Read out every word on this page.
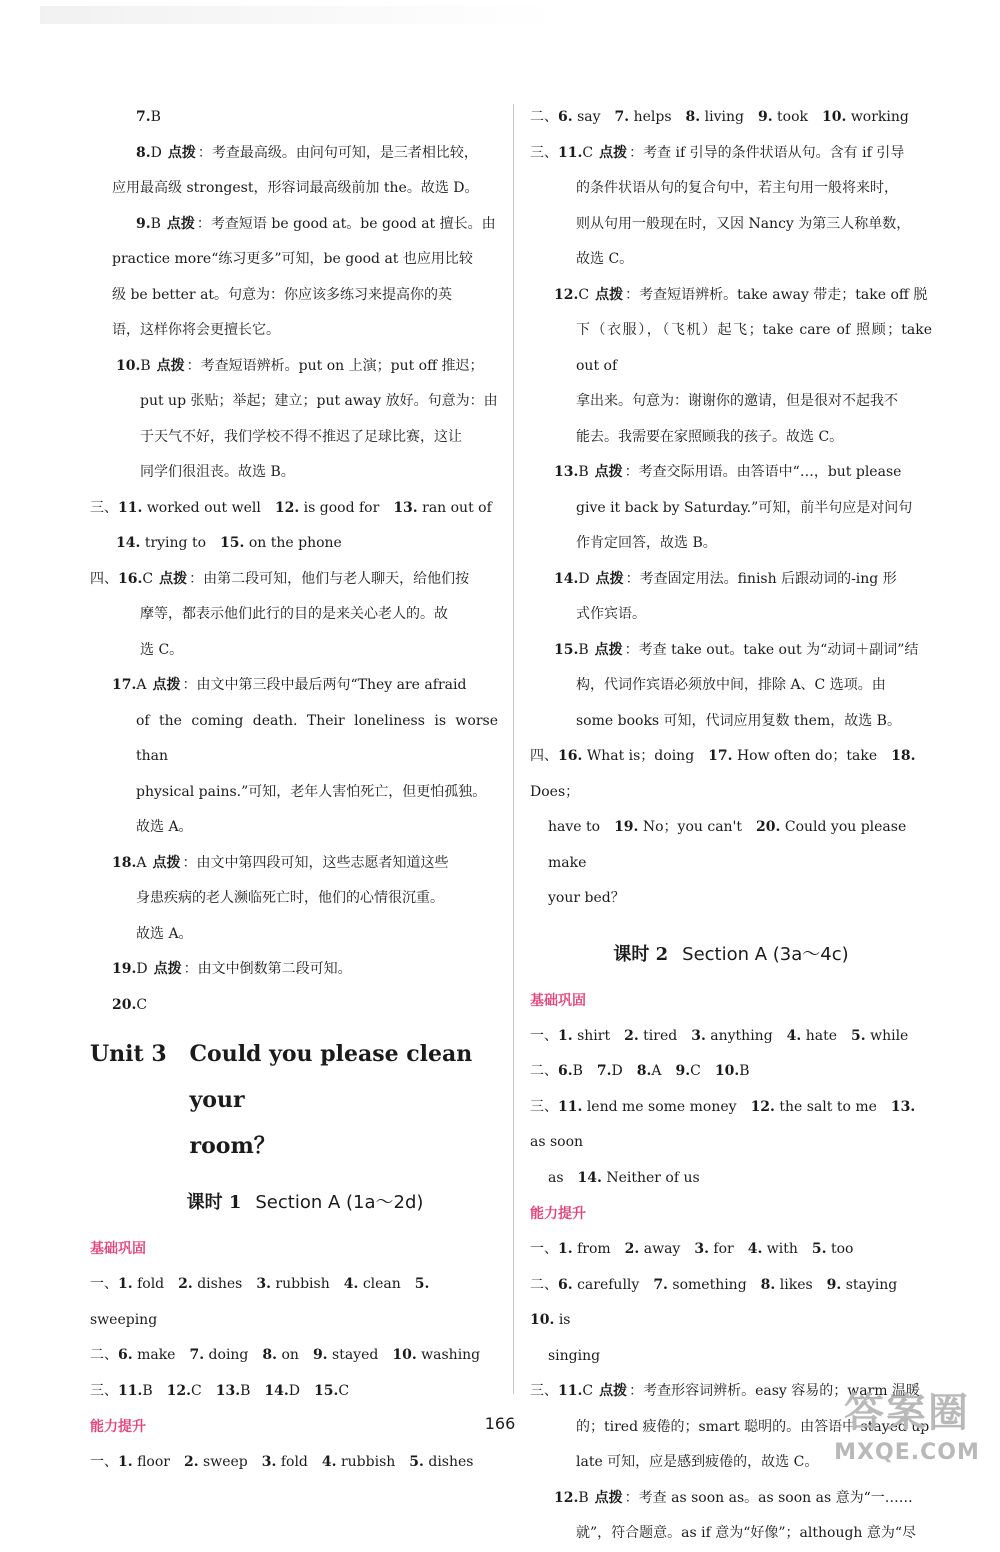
7.B

8.D 点拨 ：考查最高级。由问句可知，是三者相比较，

应用最高级 strongest，形容词最高级前加 the。故选 D。

9.B 点拨 ：考查短语 be good at。be good at 擅长。由

practice more“练习更多”可知，be good at 也应用比较

级 be better at。句意为：你应该多练习来提高你的英

语，这样你将会更擅长它。

10.B 点拨 ：考查短语辨析。put on 上演；put off 推迟；

put up 张贴；举起；建立；put away 放好。句意为：由

于天气不好，我们学校不得不推迟了足球比赛，这让

同学们很沮丧。故选 B。

三、11. worked out well 12. is good for 13. ran out of

14. trying to 15. on the phone

四、16.C 点拨 ：由第二段可知，他们与老人聊天，给他们按

摩等，都表示他们此行的目的是来关心老人的。故

选 C。

17.A 点拨 ：由文中第三段中最后两句“They are afraid

of the coming death. Their loneliness is worse than

physical pains.”可知，老年人害怕死亡，但更怕孤独。

故选 A。

18.A 点拨 ：由文中第四段可知，这些志愿者知道这些

身患疾病的老人濒临死亡时，他们的心情很沉重。

故选 A。

19.D 点拨 ：由文中倒数第二段可知。

20.C

Unit 3	Could you please clean your
room？
课时 1 Section A (1a～2d)

基础巩固

一、1. fold 2. dishes 3. rubbish 4. clean 5. sweeping

二、6. make 7. doing 8. on 9. stayed 10. washing

三、11.B 12.C 13.B 14.D 15.C

能力提升

一、1. floor 2. sweep 3. fold 4. rubbish 5. dishes

二、6. say 7. helps 8. living 9. took 10. working

三、11.C 点拨 ：考查 if 引导的条件状语从句。含有 if 引导

的条件状语从句的复合句中，若主句用一般将来时，

则从句用一般现在时，又因 Nancy 为第三人称单数，

故选 C。

12.C 点拨 ：考查短语辨析。take away 带走；take off 脱

下（衣服），（飞机）起飞；take care of 照顾；take out of

拿出来。句意为：谢谢你的邀请，但是很对不起我不

能去。我需要在家照顾我的孩子。故选 C。

13.B 点拨 ：考查交际用语。由答语中“…，but please

give it back by Saturday.”可知，前半句应是对问句

作肯定回答，故选 B。

14.D 点拨 ：考查固定用法。finish 后跟动词的-ing 形

式作宾语。

15.B 点拨 ：考查 take out。take out 为“动词＋副词”结

构，代词作宾语必须放中间，排除 A、C 选项。由

some books 可知，代词应用复数 them，故选 B。

四、16. What is；doing 17. How often do；take 18. Does；

have to 19. No；you can't 20. Could you please make

your bed？

课时 2 Section A (3a～4c)

基础巩固

一、1. shirt 2. tired 3. anything 4. hate 5. while

二、6.B 7.D 8.A 9.C 10.B

三、11. lend me some money 12. the salt to me 13. as soon

as 14. Neither of us

能力提升

一、1. from 2. away 3. for 4. with 5. too

二、6. carefully 7. something 8. likes 9. staying10. is

singing

三、11.C 点拨 ：考查形容词辨析。easy 容易的；warm 温暖

的；tired 疲倦的；smart 聪明的。由答语中 stayed up

late 可知，应是感到疲倦的，故选 C。

12.B 点拨 ：考查 as soon as。as soon as 意为“一……

就”，符合题意。as if 意为“好像”；although 意为“尽

166	答案圈
MXQE.COM
